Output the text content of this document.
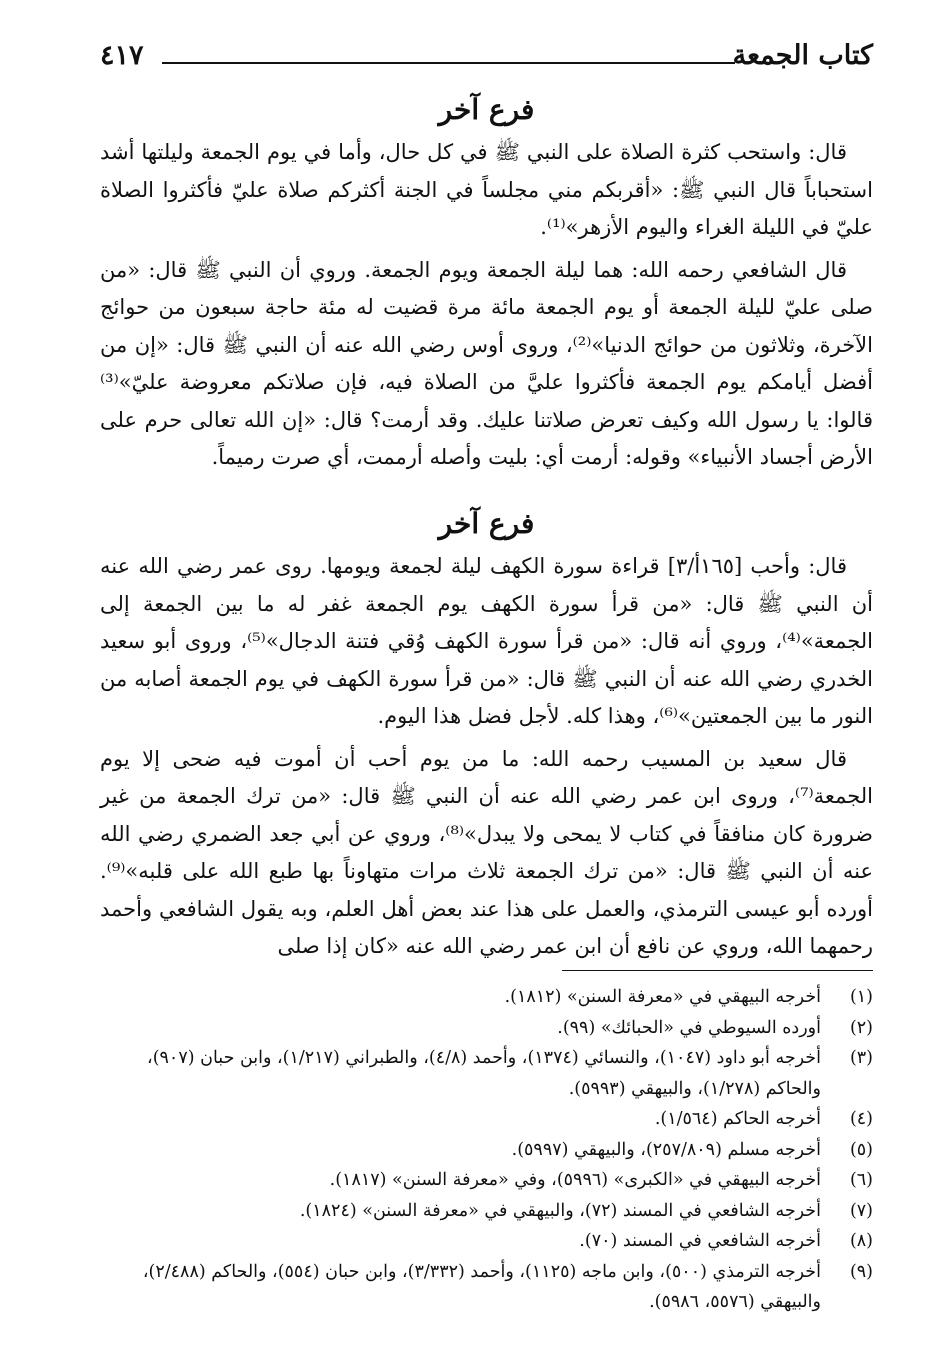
كتاب الجمعة
٤١٧
فرع آخر

قال: واستحب كثرة الصلاة على النبي ﷺ في كل حال، وأما في يوم الجمعة وليلتها أشد استحباباً قال النبي ﷺ: «أقربكم مني مجلساً في الجنة أكثركم صلاة عليّ فأكثروا الصلاة عليّ في الليلة الغراء واليوم الأزهر»⁽¹⁾.

قال الشافعي رحمه الله: هما ليلة الجمعة ويوم الجمعة. وروي أن النبي ﷺ قال: «من صلى عليّ لليلة الجمعة أو يوم الجمعة مائة مرة قضيت له مئة حاجة سبعون من حوائج الآخرة، وثلاثون من حوائج الدنيا»⁽²⁾، وروى أوس رضي الله عنه أن النبي ﷺ قال: «إن من أفضل أيامكم يوم الجمعة فأكثروا عليَّ من الصلاة فيه، فإن صلاتكم معروضة عليّ»⁽³⁾ قالوا: يا رسول الله وكيف تعرض صلاتنا عليك. وقد أرمت؟ قال: «إن الله تعالى حرم على الأرض أجساد الأنبياء» وقوله: أرمت أي: بليت وأصله أرممت، أي صرت رميماً.

فرع آخر

قال: وأحب [١٦٥أ/٣] قراءة سورة الكهف ليلة لجمعة ويومها. روى عمر رضي الله عنه أن النبي ﷺ قال: «من قرأ سورة الكهف يوم الجمعة غفر له ما بين الجمعة إلى الجمعة»⁽⁴⁾، وروي أنه قال: «من قرأ سورة الكهف وُقي فتنة الدجال»⁽⁵⁾، وروى أبو سعيد الخدري رضي الله عنه أن النبي ﷺ قال: «من قرأ سورة الكهف في يوم الجمعة أصابه من النور ما بين الجمعتين»⁽⁶⁾، وهذا كله. لأجل فضل هذا اليوم.

قال سعيد بن المسيب رحمه الله: ما من يوم أحب أن أموت فيه ضحى إلا يوم الجمعة⁽⁷⁾، وروى ابن عمر رضي الله عنه أن النبي ﷺ قال: «من ترك الجمعة من غير ضرورة كان منافقاً في كتاب لا يمحى ولا يبدل»⁽⁸⁾، وروي عن أبي جعد الضمري رضي الله عنه أن النبي ﷺ قال: «من ترك الجمعة ثلاث مرات متهاوناً بها طبع الله على قلبه»⁽⁹⁾. أورده أبو عيسى الترمذي، والعمل على هذا عند بعض أهل العلم، وبه يقول الشافعي وأحمد رحمهما الله، وروي عن نافع أن ابن عمر رضي الله عنه «كان إذا صلى

(١)
أخرجه البيهقي في «معرفة السنن» (١٨١٢).
(٢)
أورده السيوطي في «الحبائك» (٩٩).
(٣)
أخرجه أبو داود (١٠٤٧)، والنسائي (١٣٧٤)، وأحمد (٤/٨)، والطبراني (١/٢١٧)، وابن حبان (٩٠٧)، والحاكم (١/٢٧٨)، والبيهقي (٥٩٩٣).
(٤)
أخرجه الحاكم (١/٥٦٤).
(٥)
أخرجه مسلم (٢٥٧/٨٠٩)، والبيهقي (٥٩٩٧).
(٦)
أخرجه البيهقي في «الكبرى» (٥٩٩٦)، وفي «معرفة السنن» (١٨١٧).
(٧)
أخرجه الشافعي في المسند (٧٢)، والبيهقي في «معرفة السنن» (١٨٢٤).
(٨)
أخرجه الشافعي في المسند (٧٠).
(٩)
أخرجه الترمذي (٥٠٠)، وابن ماجه (١١٢٥)، وأحمد (٣/٣٣٢)، وابن حبان (٥٥٤)، والحاكم (٢/٤٨٨)، والبيهقي (٥٥٧٦، ٥٩٨٦).
